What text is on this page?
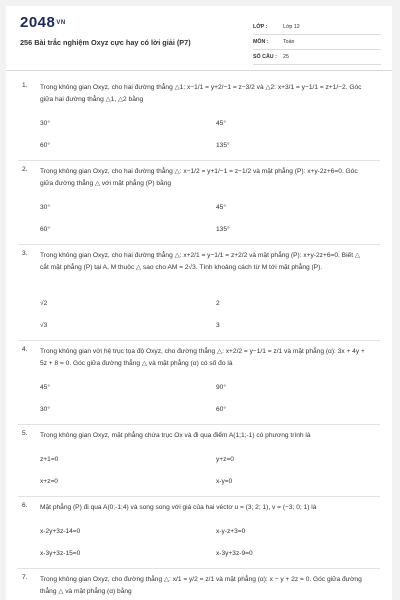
2048VN
256 Bài trắc nghiệm Oxyz cực hay có lời giải (P7)
LỚP :	Lớp 12
MÔN :	Toán
SỐ CÂU :	25
1. Trong không gian Oxyz, cho hai đường thẳng △1: x−1/1 = y+2/−1 = z−3/2 và △2: x+3/1 = y−1/1 = z+1/−2. Góc giữa hai đường thẳng △1, △2 bằng
30°	45°
60°	135°
2. Trong không gian Oxyz, cho hai đường thẳng △: x−1/2 = y+1/−1 = z−1/2 và mặt phẳng (P): x+y-2z+6=0. Góc giữa đường thẳng △ với mặt phẳng (P) bằng
30°	45°
60°	135°
3. Trong không gian Oxyz, cho hai đường thẳng △: x+2/1 = y−1/1 = z+2/2 và mặt phẳng (P): x+y-2z+6=0. Biết △ cắt mặt phẳng (P) tại A, M thuộc △ sao cho AM = 2√3. Tính khoảng cách từ M tới mặt phẳng (P).
√2	2
√3	3
4. Trong không gian với hệ trục tọa độ Oxyz, cho đường thẳng △: x+2/2 = y−1/1 = z/1 và mặt phẳng (α): 3x + 4y + 5z + 8 = 0. Góc giữa đường thẳng △ và mặt phẳng (α) có số đo là
45°	90°
30°	60°
5. Trong không gian Oxyz, mặt phẳng chứa trục Ox và đi qua điểm A(1;1;-1) có phương trình là
z+1=0	y+z=0
x+z=0	x-y=0
6. Mặt phẳng (P) đi qua A(0;-1;4) và song song với giá của hai véctơ u = (3; 2; 1), v = (−3; 0; 1) là
x-2y+3z-14=0	x-y-z+3=0
x-3y+3z-15=0	x-3y+3z-9=0
7. Trong không gian Oxyz, cho đường thẳng △: x/1 = y/2 = z/1 và mặt phẳng (α): x − y + 2z = 0. Góc giữa đường thẳng △ và mặt phẳng (α) bằng
